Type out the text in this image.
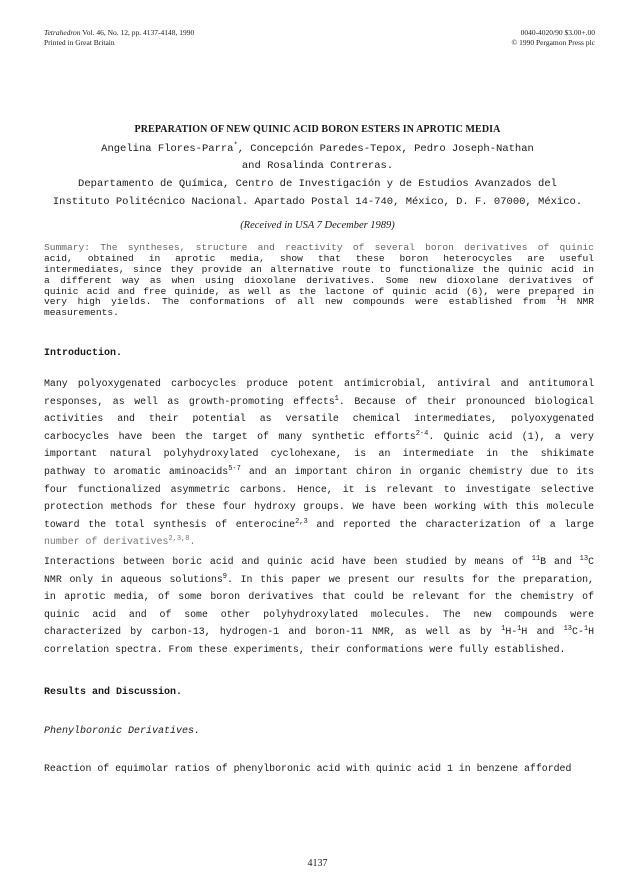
Tetrahedron Vol. 46, No. 12, pp. 4137-4148, 1990
Printed in Great Britain
0040-4020/90 $3.00+.00
© 1990 Pergamon Press plc
PREPARATION OF NEW QUINIC ACID BORON ESTERS IN APROTIC MEDIA
Angelina Flores-Parra*, Concepción Paredes-Tepox, Pedro Joseph-Nathan
and Rosalinda Contreras.
Departamento de Química, Centro de Investigación y de Estudios Avanzados del
Instituto Politécnico Nacional. Apartado Postal 14-740, México, D. F. 07000, México.
(Received in USA 7 December 1989)
Summary: The syntheses, structure and reactivity of several boron derivatives of quinic
acid, obtained in aprotic media, show that these boron heterocycles are useful
intermediates, since they provide an alternative route to functionalize the quinic acid in
a different way as when using dioxolane derivatives. Some new dioxolane derivatives of
quinic acid and free quinide, as well as the lactone of quinic acid (6), were prepared in
very high yields. The conformations of all new compounds were established from $^1$H NMR
measurements.
Introduction.
Many polyoxygenated carbocycles produce potent antimicrobial, antiviral and antitumoral
responses, as well as growth-promoting effects$^1$. Because of their pronounced biological
activities and their potential as versatile chemical intermediates, polyoxygenated
carbocycles have been the target of many synthetic efforts$^{2-4}$. Quinic acid (1), a very
important natural polyhydroxylated cyclohexane, is an intermediate in the shikimate
pathway to aromatic aminoacids$^{5-7}$ and an important chiron in organic chemistry due to its
four functionalized asymmetric carbons. Hence, it is relevant to investigate selective
protection methods for these four hydroxy groups. We have been working with this molecule
toward the total synthesis of enterocine$^{2,3}$ and reported the characterization of a large
number of derivatives$^{2,3,8}$.
Interactions between boric acid and quinic acid have been studied by means of $^{11}$B and $^{13}$C
NMR only in aqueous solutions$^9$. In this paper we present our results for the preparation,
in aprotic media, of some boron derivatives that could be relevant for the chemistry of
quinic acid and of some other polyhydroxylated molecules. The new compounds were
characterized by carbon-13, hydrogen-1 and boron-11 NMR, as well as by $^1$H-$^1$H and $^{13}$C-$^1$H
correlation spectra. From these experiments, their conformations were fully established.
Results and Discussion.
Phenylboronic Derivatives.
Reaction of equimolar ratios of phenylboronic acid with quinic acid 1 in benzene afforded
4137
